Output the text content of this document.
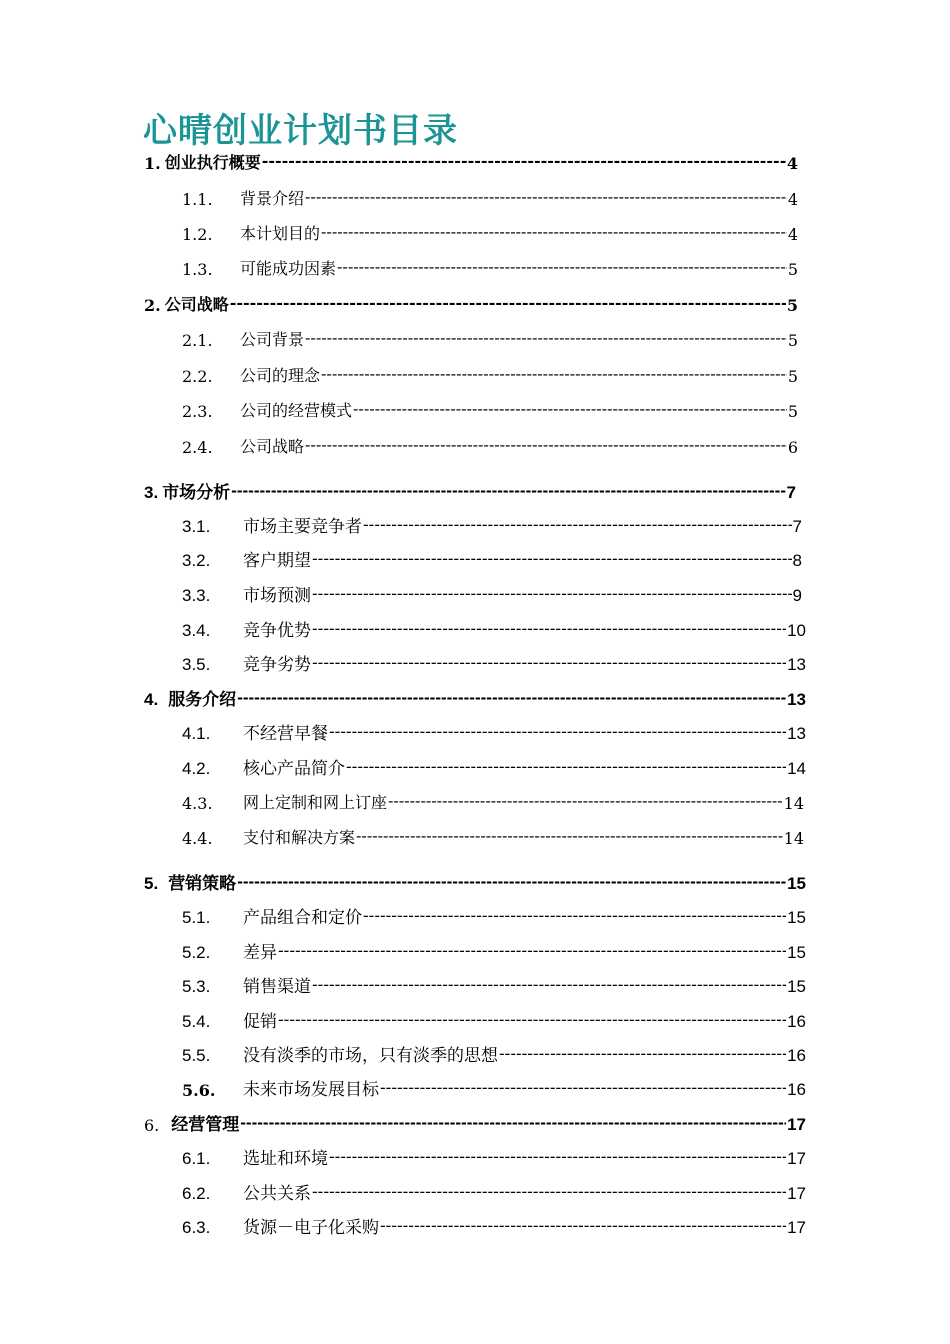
心晴创业计划书目录
1. 创业执行概要 -----	4
1.1.	背景介绍 -----	4
1.2.	本计划目的 -----	4
1.3.	可能成功因素 -----	5
2. 公司战略 -----	5
2.1.	公司背景 -----	5
2.2.	公司的理念 -----	5
2.3.	公司的经营模式 -----	5
2.4.	公司战略 -----	6
3. 市场分析 -----	7
3.1.	市场主要竞争者 -----	7
3.2.	客户期望 -----	8
3.3.	市场预测 -----	9
3.4.	竞争优势 -----	10
3.5.	竞争劣势 -----	13
4. 服务介绍 -----	13
4.1.	不经营早餐 -----	13
4.2.	核心产品简介 -----	14
4.3.	网上定制和网上订座 -----	14
4.4.	支付和解决方案 -----	14
5. 营销策略 -----	15
5.1.	产品组合和定价 -----	15
5.2.	差异 -----	15
5.3.	销售渠道 -----	15
5.4.	促销 -----	16
5.5.	没有淡季的市场，只有淡季的思想 -----	16
5.6.	未来市场发展目标 -----	16
6. 经营管理 -----	17
6.1.	选址和环境 -----	17
6.2.	公共关系 -----	17
6.3.	货源－电子化采购 -----	17
